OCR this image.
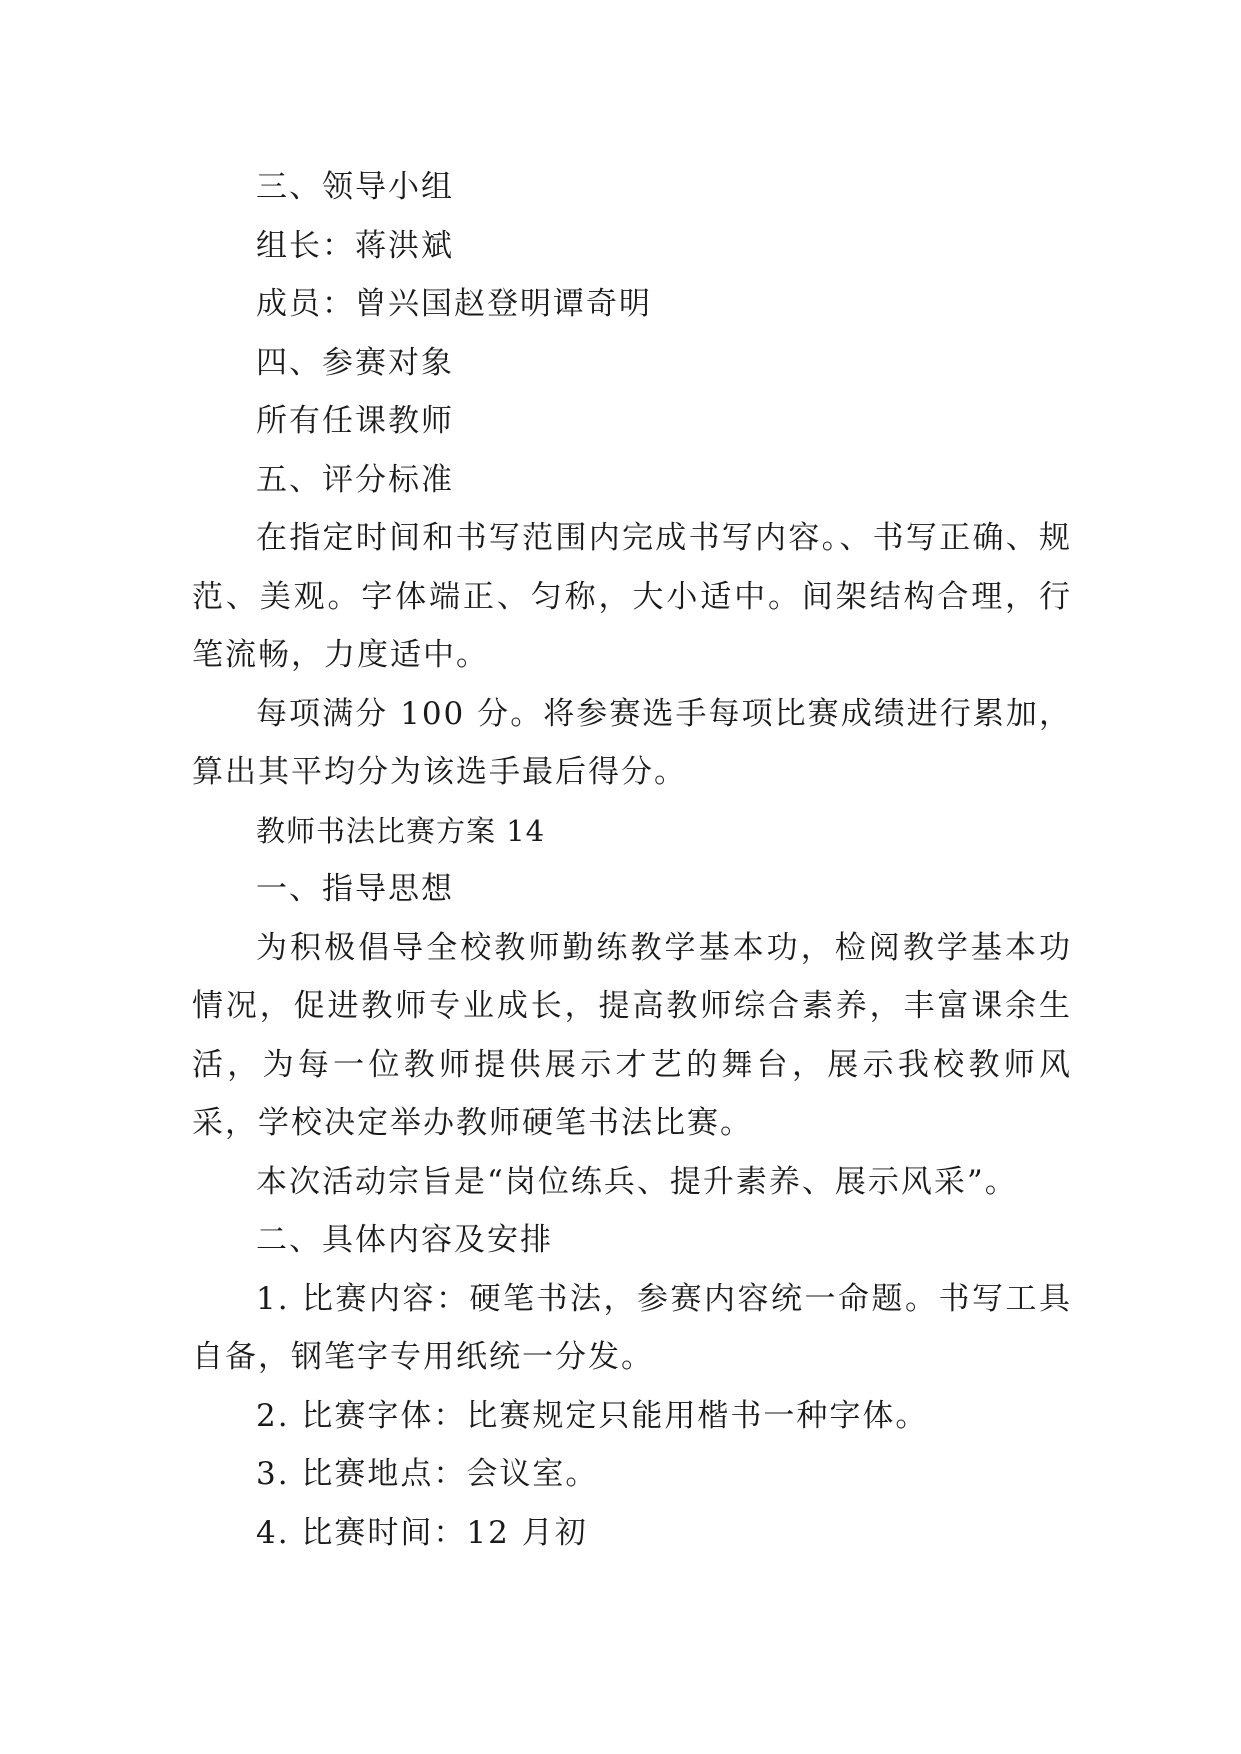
三、领导小组

组长：蒋洪斌

成员：曾兴国赵登明谭奇明

四、参赛对象

所有任课教师

五、评分标准

在指定时间和书写范围内完成书写内容。、书写正确、规范、美观。字体端正、匀称，大小适中。间架结构合理，行笔流畅，力度适中。

每项满分 100 分。将参赛选手每项比赛成绩进行累加，算出其平均分为该选手最后得分。

教师书法比赛方案 14

一、指导思想

为积极倡导全校教师勤练教学基本功，检阅教学基本功情况，促进教师专业成长，提高教师综合素养，丰富课余生活，为每一位教师提供展示才艺的舞台，展示我校教师风采，学校决定举办教师硬笔书法比赛。

本次活动宗旨是“岗位练兵、提升素养、展示风采”。

二、具体内容及安排

1. 比赛内容：硬笔书法，参赛内容统一命题。书写工具自备，钢笔字专用纸统一分发。

2. 比赛字体：比赛规定只能用楷书一种字体。

3. 比赛地点：会议室。

4. 比赛时间：12 月初
